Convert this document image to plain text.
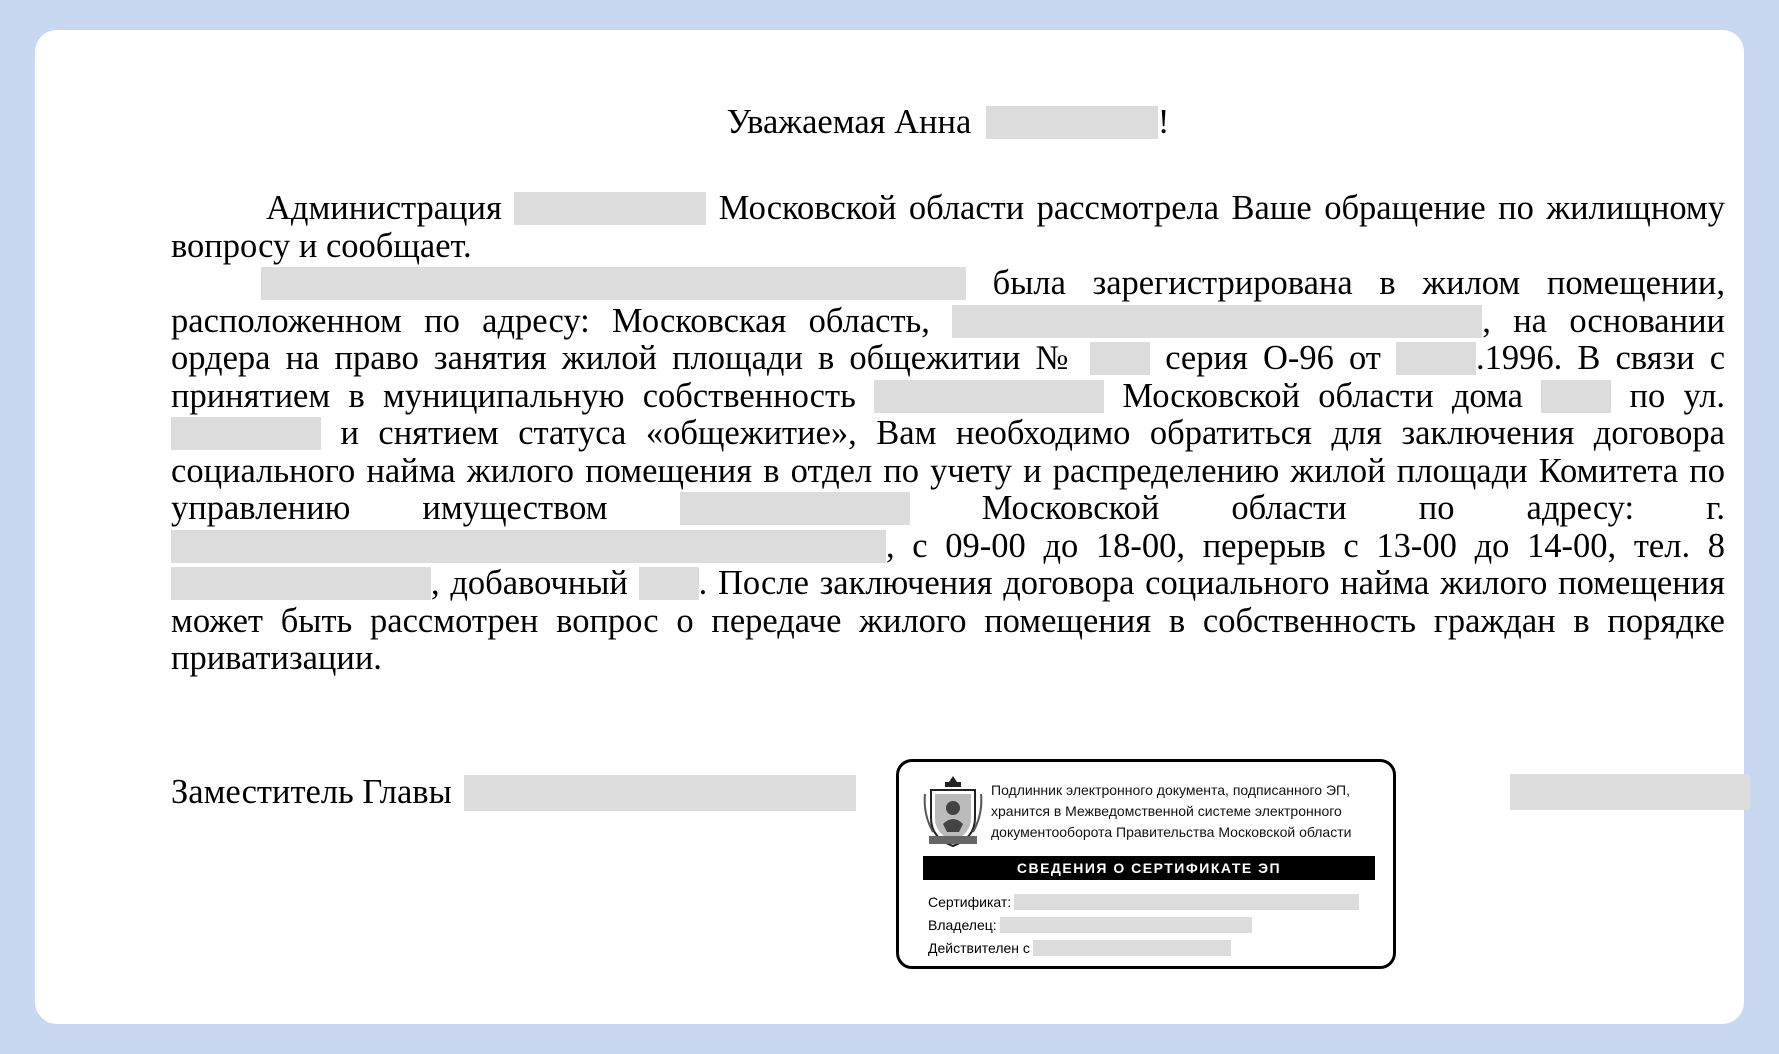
Уважаемая Анна	!

Администрация	Московской области рассмотрела Ваше обращение по жилищному вопросу и сообщает.

была зарегистрирована в жилом помещении, расположенном по адресу: Московская область,	, на основании ордера на право занятия жилой площади в общежитии №	серия О-96 от	.1996. В связи с принятием в муниципальную собственность	Московской области дома	по ул.  и снятием статуса «общежитие», Вам необходимо обратиться для заключения договора социального найма жилого помещения в отдел по учету и распределению жилой площади Комитета по управлению имуществом	Московской области по адресу: г. , с 09-00 до 18-00, перерыв с 13-00 до 14-00, тел. 8 , добавочный . После заключения договора социального найма жилого помещения может быть рассмотрен вопрос о передаче жилого помещения в собственность граждан в порядке приватизации.

Заместитель Главы	Подлинник электронного документа, подписанного ЭП,
хранится в Межведомственной системе электронного
документооборота Правительства Московской области
СВЕДЕНИЯ О СЕРТИФИКАТЕ ЭП
Сертификат:
Владелец:
Действителен с
